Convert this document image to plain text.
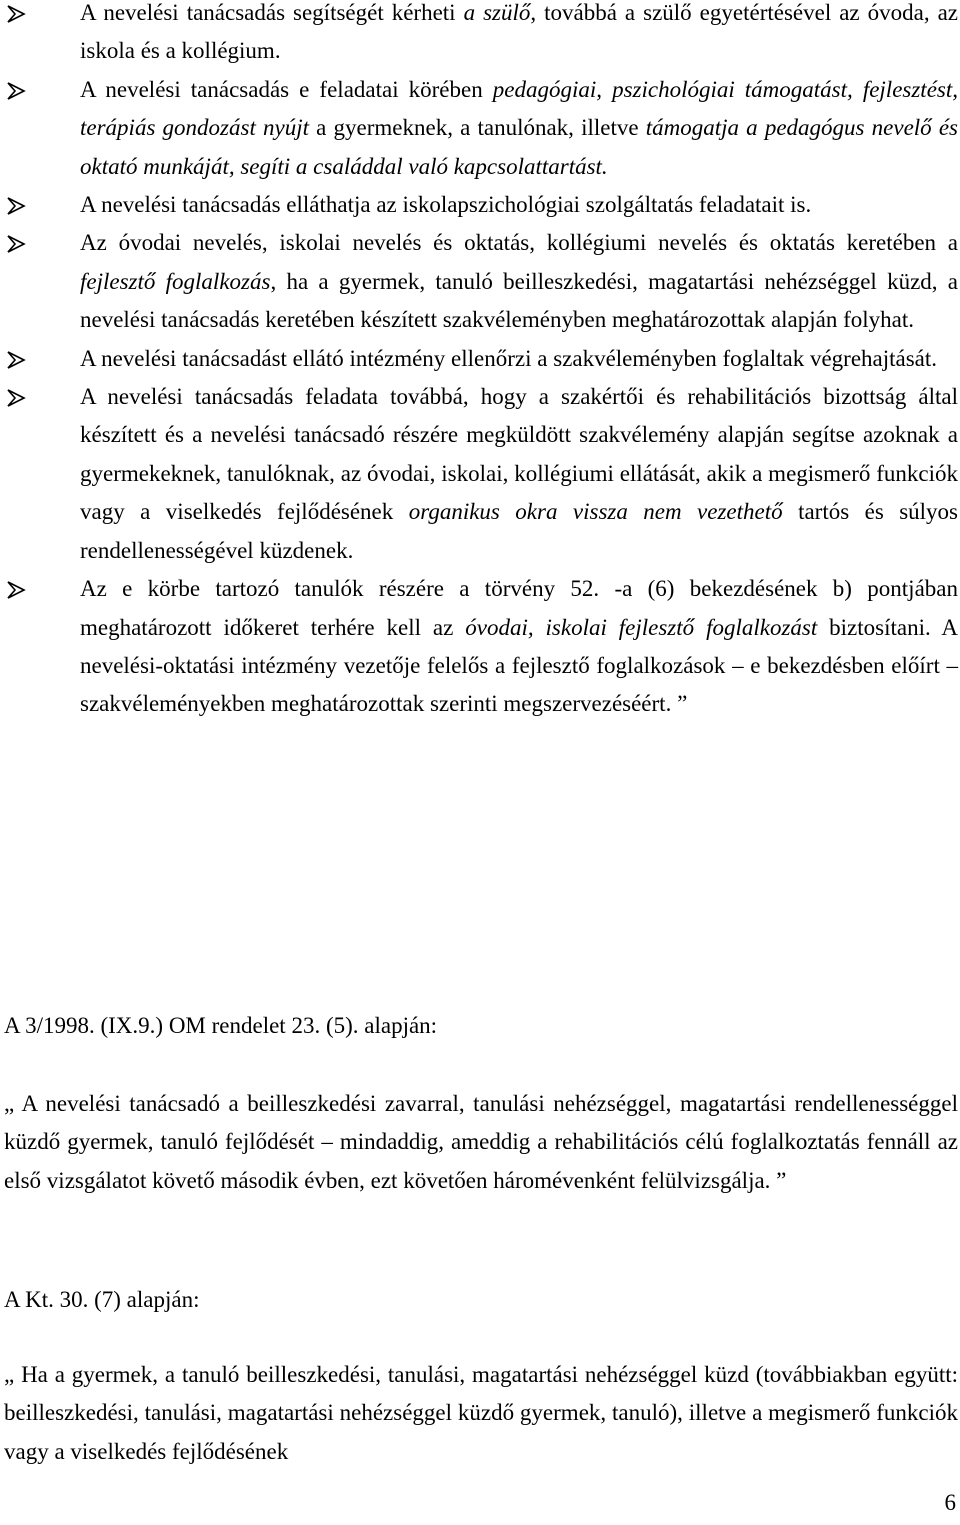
A nevelési tanácsadás segítségét kérheti a szülő, továbbá a szülő egyetértésével az óvoda, az iskola és a kollégium.
A nevelési tanácsadás e feladatai körében pedagógiai, pszichológiai támogatást, fejlesztést, terápiás gondozást nyújt a gyermeknek, a tanulónak, illetve támogatja a pedagógus nevelő és oktató munkáját, segíti a családdal való kapcsolattartást.
A nevelési tanácsadás elláthatja az iskolapszichológiai szolgáltatás feladatait is.
Az óvodai nevelés, iskolai nevelés és oktatás, kollégiumi nevelés és oktatás keretében a fejlesztő foglalkozás, ha a gyermek, tanuló beilleszkedési, magatartási nehézséggel küzd, a nevelési tanácsadás keretében készített szakvéleményben meghatározottak alapján folyhat.
A nevelési tanácsadást ellátó intézmény ellenőrzi a szakvéleményben foglaltak végrehajtását.
A nevelési tanácsadás feladata továbbá, hogy a szakértői és rehabilitációs bizottság által készített és a nevelési tanácsadó részére megküldött szakvélemény alapján segítse azoknak a gyermekeknek, tanulóknak, az óvodai, iskolai, kollégiumi ellátását, akik a megismerő funkciók vagy a viselkedés fejlődésének organikus okra vissza nem vezethető tartós és súlyos rendellenességével küzdenek.
Az e körbe tartozó tanulók részére a törvény 52. -a (6) bekezdésének b) pontjában meghatározott időkeret terhére kell az óvodai, iskolai fejlesztő foglalkozást biztosítani. A nevelési-oktatási intézmény vezetője felelős a fejlesztő foglalkozások – e bekezdésben előírt – szakvéleményekben meghatározottak szerinti megszervezéséért. ”

A 3/1998. (IX.9.) OM rendelet 23. (5). alapján:

„ A nevelési tanácsadó a beilleszkedési zavarral, tanulási nehézséggel, magatartási rendellenességgel küzdő gyermek, tanuló fejlődését – mindaddig, ameddig a rehabilitációs célú foglalkoztatás fennáll az első vizsgálatot követő második évben, ezt követően háromévenként felülvizsgálja. ”

A Kt. 30. (7) alapján:

„ Ha a gyermek, a tanuló beilleszkedési, tanulási, magatartási nehézséggel küzd (továbbiakban együtt: beilleszkedési, tanulási, magatartási nehézséggel küzdő gyermek, tanuló), illetve a megismerő funkciók vagy a viselkedés fejlődésének

6
